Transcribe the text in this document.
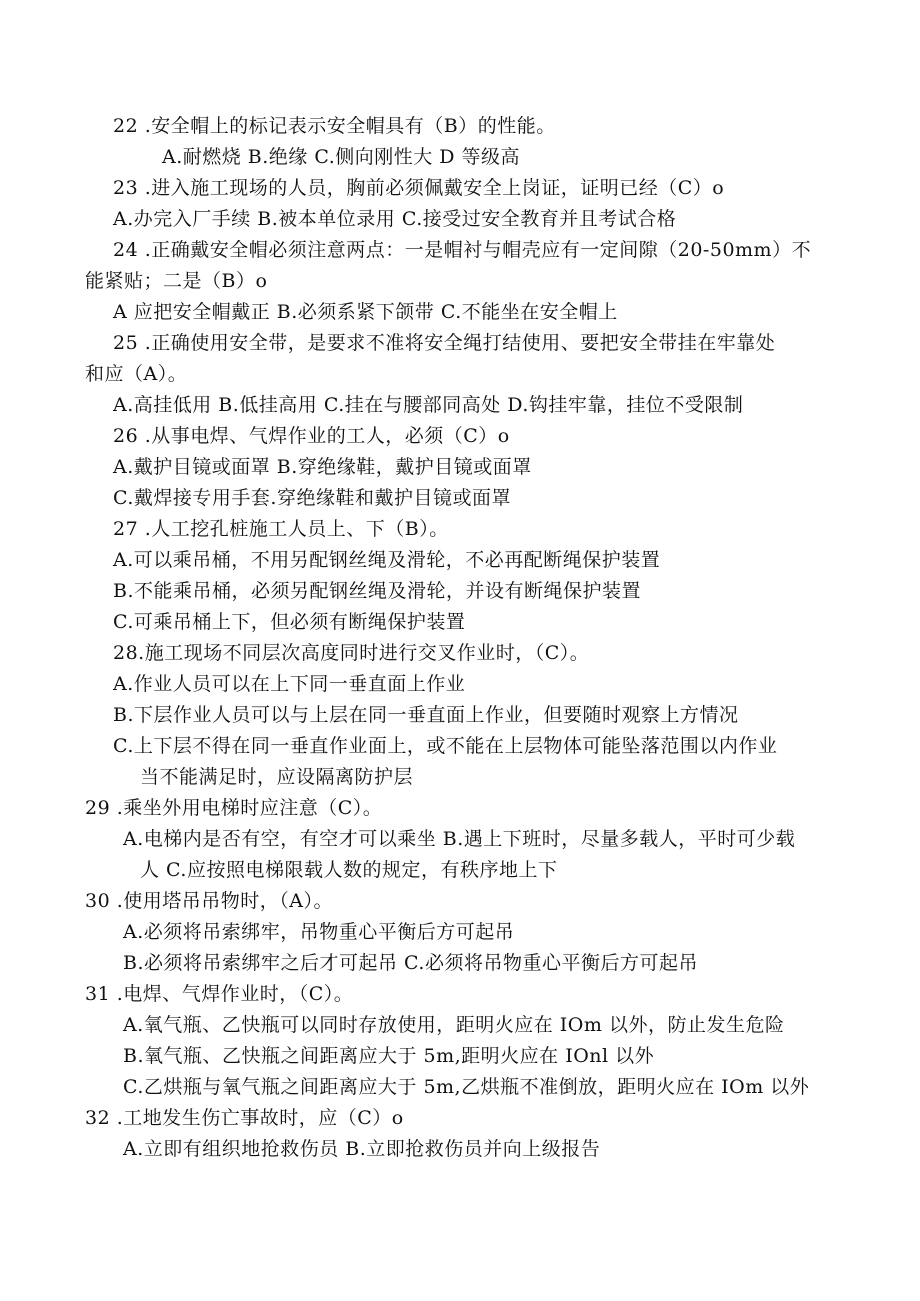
22 .安全帽上的标记表示安全帽具有（B）的性能。
A.耐燃烧 B.绝缘 C.侧向刚性大 D 等级高
23 .进入施工现场的人员，胸前必须佩戴安全上岗证，证明已经（C）o
A.办完入厂手续 B.被本单位录用 C.接受过安全教育并且考试合格
24 .正确戴安全帽必须注意两点：一是帽衬与帽壳应有一定间隙（20-50mm）不
能紧贴；二是（B）o
A 应把安全帽戴正 B.必须系紧下颌带 C.不能坐在安全帽上
25 .正确使用安全带，是要求不准将安全绳打结使用、要把安全带挂在牢靠处
和应（A）。
A.高挂低用 B.低挂高用 C.挂在与腰部同高处 D.钩挂牢靠，挂位不受限制
26 .从事电焊、气焊作业的工人，必须（C）o
A.戴护目镜或面罩 B.穿绝缘鞋，戴护目镜或面罩
C.戴焊接专用手套.穿绝缘鞋和戴护目镜或面罩
27 .人工挖孔桩施工人员上、下（B）。
A.可以乘吊桶，不用另配钢丝绳及滑轮，不必再配断绳保护装置
B.不能乘吊桶，必须另配钢丝绳及滑轮，并设有断绳保护装置
C.可乘吊桶上下，但必须有断绳保护装置
28.施工现场不同层次高度同时进行交叉作业时，（C）。
A.作业人员可以在上下同一垂直面上作业
B.下层作业人员可以与上层在同一垂直面上作业，但要随时观察上方情况
C.上下层不得在同一垂直作业面上，或不能在上层物体可能坠落范围以内作业
当不能满足时，应设隔离防护层
29 .乘坐外用电梯时应注意（C）。
A.电梯内是否有空，有空才可以乘坐 B.遇上下班时，尽量多载人，平时可少载
人 C.应按照电梯限载人数的规定，有秩序地上下
30 .使用塔吊吊物时，（A）。
A.必须将吊索绑牢，吊物重心平衡后方可起吊
B.必须将吊索绑牢之后才可起吊 C.必须将吊物重心平衡后方可起吊
31 .电焊、气焊作业时，（C）。
A.氧气瓶、乙快瓶可以同时存放使用，距明火应在 IOm 以外，防止发生危险
B.氧气瓶、乙快瓶之间距离应大于 5m,距明火应在 IOnl 以外
C.乙烘瓶与氧气瓶之间距离应大于 5m,乙烘瓶不准倒放，距明火应在 IOm 以外
32 .工地发生伤亡事故时，应（C）o
A.立即有组织地抢救伤员 B.立即抢救伤员并向上级报告
